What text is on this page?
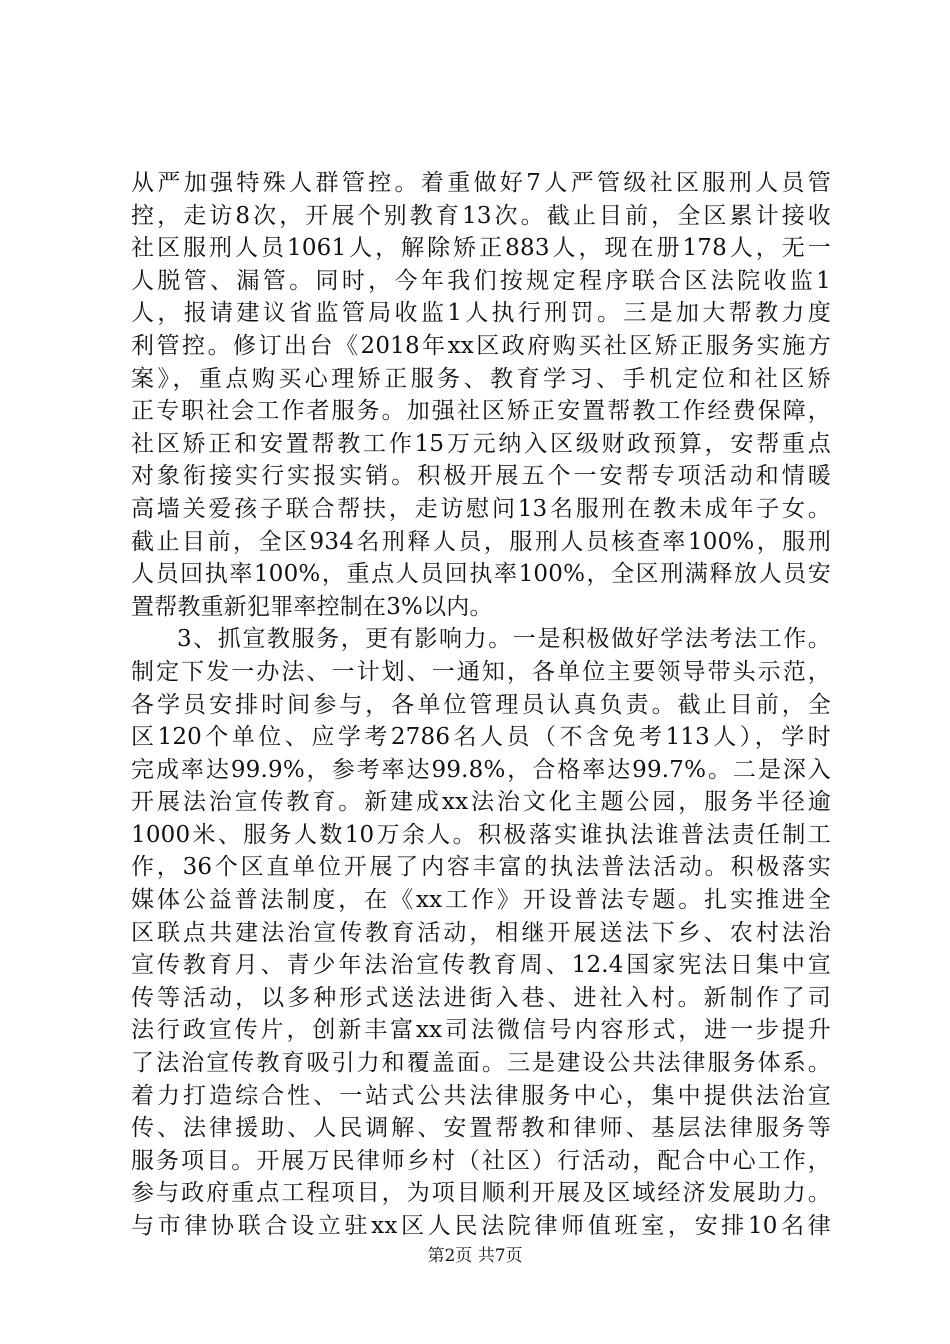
从严加强特殊人群管控。着重做好7人严管级社区服刑人员管
控，走访8次，开展个别教育13次。截止目前，全区累计接收
社区服刑人员1061人，解除矫正883人，现在册178人，无一
人脱管、漏管。同时，今年我们按规定程序联合区法院收监1
人，报请建议省监管局收监1人执行刑罚。三是加大帮教力度
利管控。修订出台《2018年xx区政府购买社区矫正服务实施方
案》，重点购买心理矫正服务、教育学习、手机定位和社区矫
正专职社会工作者服务。加强社区矫正安置帮教工作经费保障，
社区矫正和安置帮教工作15万元纳入区级财政预算，安帮重点
对象衔接实行实报实销。积极开展五个一安帮专项活动和情暖
高墙关爱孩子联合帮扶，走访慰问13名服刑在教未成年子女。
截止目前，全区934名刑释人员，服刑人员核查率100%，服刑
人员回执率100%，重点人员回执率100%，全区刑满释放人员安
置帮教重新犯罪率控制在3%以内。
3、抓宣教服务，更有影响力。一是积极做好学法考法工作。
制定下发一办法、一计划、一通知，各单位主要领导带头示范，
各学员安排时间参与，各单位管理员认真负责。截止目前，全
区120个单位、应学考2786名人员（不含免考113人），学时
完成率达99.9%，参考率达99.8%，合格率达99.7%。二是深入
开展法治宣传教育。新建成xx法治文化主题公园，服务半径逾
1000米、服务人数10万余人。积极落实谁执法谁普法责任制工
作，36个区直单位开展了内容丰富的执法普法活动。积极落实
媒体公益普法制度，在《xx工作》开设普法专题。扎实推进全
区联点共建法治宣传教育活动，相继开展送法下乡、农村法治
宣传教育月、青少年法治宣传教育周、12.4国家宪法日集中宣
传等活动，以多种形式送法进街入巷、进社入村。新制作了司
法行政宣传片，创新丰富xx司法微信号内容形式，进一步提升
了法治宣传教育吸引力和覆盖面。三是建设公共法律服务体系。
着力打造综合性、一站式公共法律服务中心，集中提供法治宣
传、法律援助、人民调解、安置帮教和律师、基层法律服务等
服务项目。开展万民律师乡村（社区）行活动，配合中心工作，
参与政府重点工程项目，为项目顺利开展及区域经济发展助力。
与市律协联合设立驻xx区人民法院律师值班室，安排10名律
第2页 共7页
